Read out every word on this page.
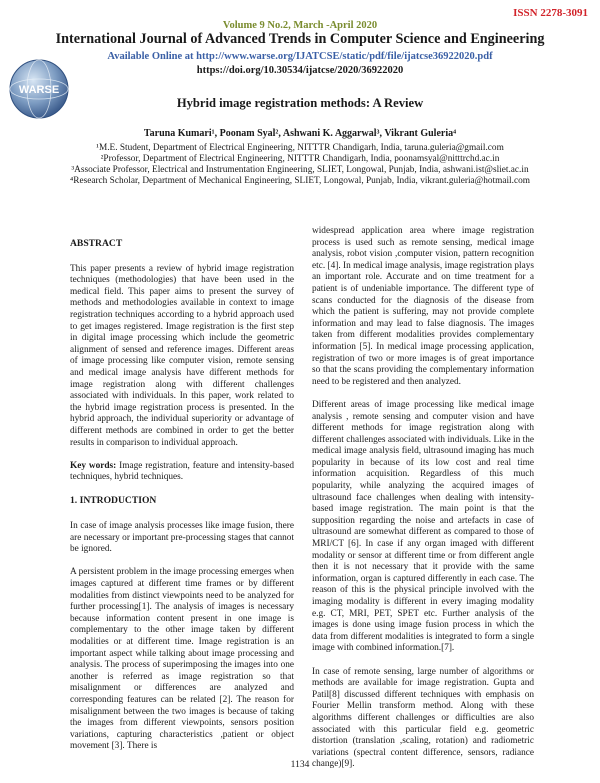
ISSN 2278-3091
Volume 9 No.2, March -April 2020
International Journal of Advanced Trends in Computer Science and Engineering
Available Online at http://www.warse.org/IJATCSE/static/pdf/file/ijatcse36922020.pdf
https://doi.org/10.30534/ijatcse/2020/36922020
WARSE
Hybrid image registration methods: A Review
Taruna Kumari¹, Poonam Syal², Ashwani K. Aggarwal³, Vikrant Guleria⁴
¹M.E. Student, Department of Electrical Engineering, NITTTR Chandigarh, India, taruna.guleria@gmail.com
²Professor, Department of Electrical Engineering, NITTTR Chandigarh, India, poonamsyal@nitttrchd.ac.in
³Associate Professor, Electrical and Instrumentation Engineering, SLIET, Longowal, Punjab, India, ashwani.ist@sliet.ac.in
⁴Research Scholar, Department of Mechanical Engineering, SLIET, Longowal, Punjab, India, vikrant.guleria@hotmail.com
ABSTRACT

This paper presents a review of hybrid image registration techniques (methodologies) that have been used in the medical field. This paper aims to present the survey of methods and methodologies available in context to image registration techniques according to a hybrid approach used to get images registered. Image registration is the first step in digital image processing which include the geometric alignment of sensed and reference images. Different areas of image processing like computer vision, remote sensing and medical image analysis have different methods for image registration along with different challenges associated with individuals. In this paper, work related to the hybrid image registration process is presented. In the hybrid approach, the individual superiority or advantage of different methods are combined in order to get the better results in comparison to individual approach.

Key words: Image registration, feature and intensity-based techniques, hybrid techniques.

1. INTRODUCTION

In case of image analysis processes like image fusion, there are necessary or important pre-processing stages that cannot be ignored.

A persistent problem in the image processing emerges when images captured at different time frames or by different modalities from distinct viewpoints need to be analyzed for further processing[1]. The analysis of images is necessary because information content present in one image is complementary to the other image taken by different modalities or at different time. Image registration is an important aspect while talking about image processing and analysis. The process of superimposing the images into one another is referred as image registration so that misalignment or differences are analyzed and corresponding features can be related [2]. The reason for misalignment between the two images is because of taking the images from different viewpoints, sensors position variations, capturing characteristics ,patient or object movement [3]. There is

widespread application area where image registration process is used such as remote sensing, medical image analysis, robot vision ,computer vision, pattern recognition etc. [4]. In medical image analysis, image registration plays an important role. Accurate and on time treatment for a patient is of undeniable importance. The different type of scans conducted for the diagnosis of the disease from which the patient is suffering, may not provide complete information and may lead to false diagnosis. The images taken from different modalities provides complementary information [5]. In medical image processing application, registration of two or more images is of great importance so that the scans providing the complementary information need to be registered and then analyzed.

Different areas of image processing like medical image analysis , remote sensing and computer vision and have different methods for image registration along with different challenges associated with individuals. Like in the medical image analysis field, ultrasound imaging has much popularity in because of its low cost and real time information acquisition. Regardless of this much popularity, while analyzing the acquired images of ultrasound face challenges when dealing with intensity-based image registration. The main point is that the supposition regarding the noise and artefacts in case of ultrasound are somewhat different as compared to those of MRI/CT [6]. In case if any organ imaged with different modality or sensor at different time or from different angle then it is not necessary that it provide with the same information, organ is captured differently in each case. The reason of this is the physical principle involved with the imaging modality is different in every imaging modality e.g. CT, MRI, PET, SPET etc. Further analysis of the images is done using image fusion process in which the data from different modalities is integrated to form a single image with combined information.[7].

In case of remote sensing, large number of algorithms or methods are available for image registration. Gupta and Patil[8] discussed different techniques with emphasis on Fourier Mellin transform method. Along with these algorithms different challenges or difficulties are also associated with this particular field e.g. geometric distortion (translation ,scaling, rotation) and radiometric variations (spectral content difference, sensors, radiance change)[9].

1134
